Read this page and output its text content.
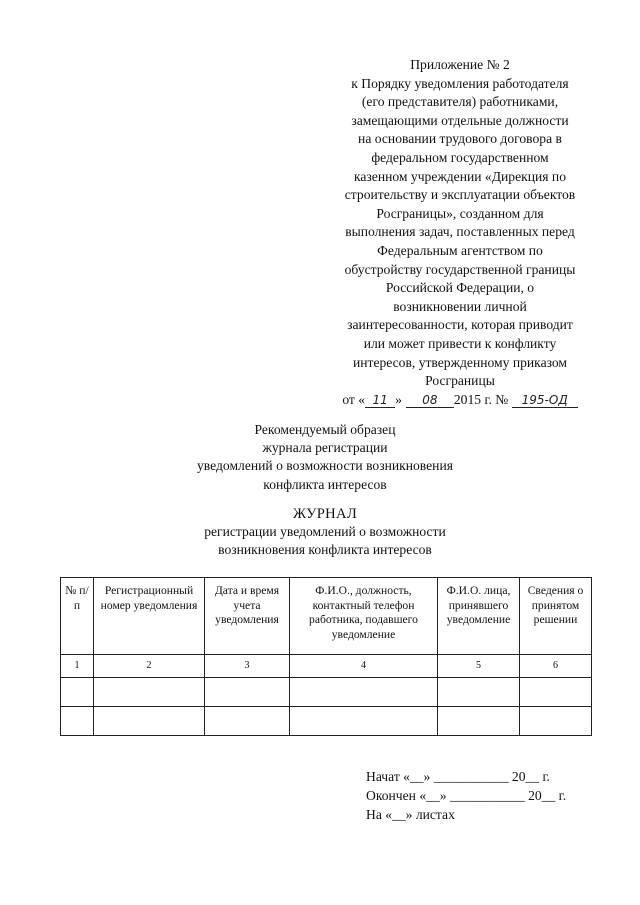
Приложение № 2
к Порядку уведомления работодателя
(его представителя) работниками,
замещающими отдельные должности
на основании трудового договора в
федеральном государственном
казенном учреждении «Дирекция по
строительству и эксплуатации объектов
Росграницы», созданном для
выполнения задач, поставленных перед
Федеральным агентством по
обустройству государственной границы
Российской Федерации, о
возникновении личной
заинтересованности, которая приводит
или может привести к конфликту
интересов, утвержденному приказом
Росграницы
от « 11 » 08 2015 г. № 195-ОД
Рекомендуемый образец
журнала регистрации
уведомлений о возможности возникновения
конфликта интересов
ЖУРНАЛ
регистрации уведомлений о возможности
возникновения конфликта интересов
№ п/п	Регистрационный номер уведомления	Дата и время учета уведомления	Ф.И.О., должность, контактный телефон работника, подавшего уведомление	Ф.И.О. лица, принявшего уведомление	Сведения о принятом решении
1	2	3	4	5	6

Начат «__» ___________ 20__ г.
Окончен «__» ___________ 20__ г.
На «__» листах
